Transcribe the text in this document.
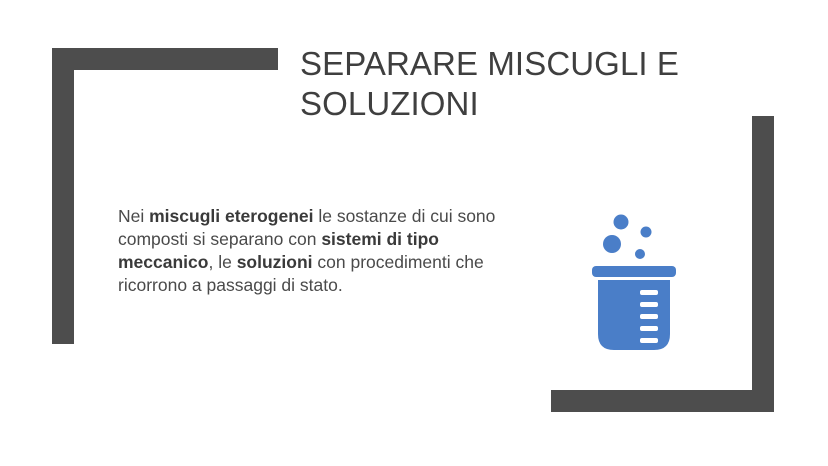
SEPARARE MISCUGLI E SOLUZIONI

Nei miscugli eterogenei le sostanze di cui sono composti si separano con sistemi di tipo meccanico, le soluzioni con procedimenti che ricorrono a passaggi di stato.
